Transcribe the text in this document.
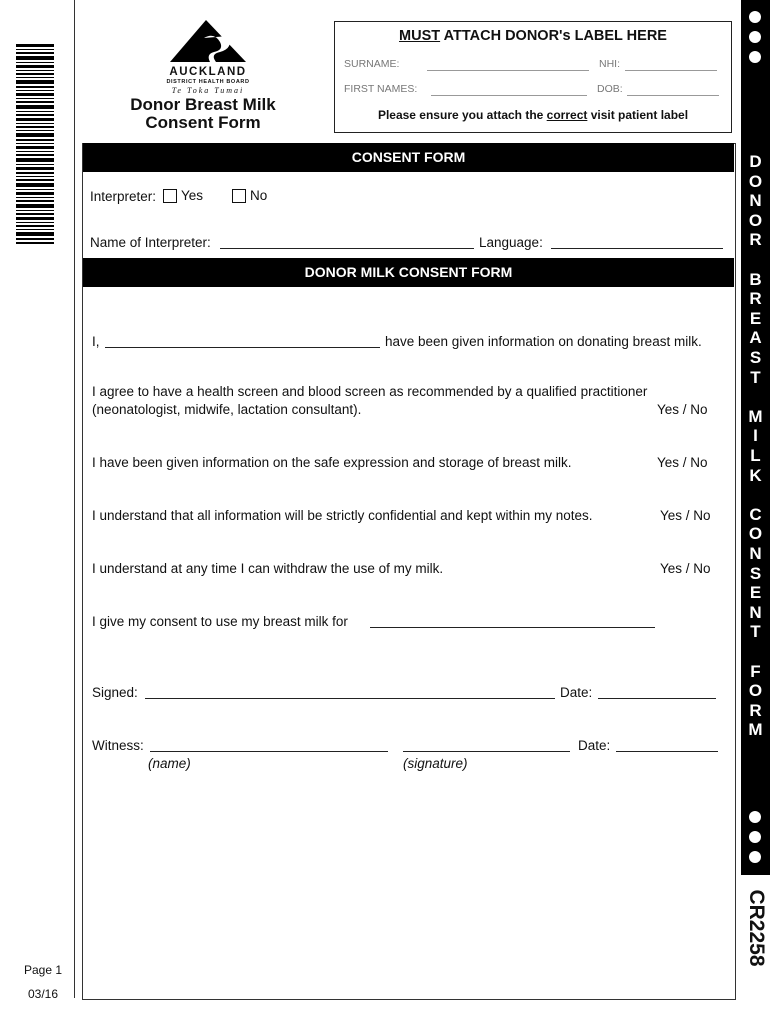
AUCKLAND
DISTRICT HEALTH BOARD
Te Toka Tumai
Donor Breast Milk
Consent Form
MUST ATTACH DONOR's LABEL HERE
SURNAME:	NHI:
FIRST NAMES:	DOB:
Please ensure you attach the correct visit patient label
CONSENT FORM
Interpreter:	Yes	No
Name of Interpreter:	Language:
DONOR MILK CONSENT FORM
I,	have been given information on donating breast milk.
I agree to have a health screen and blood screen as recommended by a qualified practitioner
(neonatologist, midwife, lactation consultant).	Yes / No
I have been given information on the safe expression and storage of breast milk.	Yes / No
I understand that all information will be strictly confidential and kept within my notes.	Yes / No
I understand at any time I can withdraw the use of my milk.	Yes / No
I give my consent to use my breast milk for
Signed:	Date:
Witness:	Date:
(name)	(signature)
Page 1
03/16
D
O
N
O
R
B
R
E
A
S
T
M
I
L
K
C
O
N
S
E
N
T
F
O
R
M
CR2258
